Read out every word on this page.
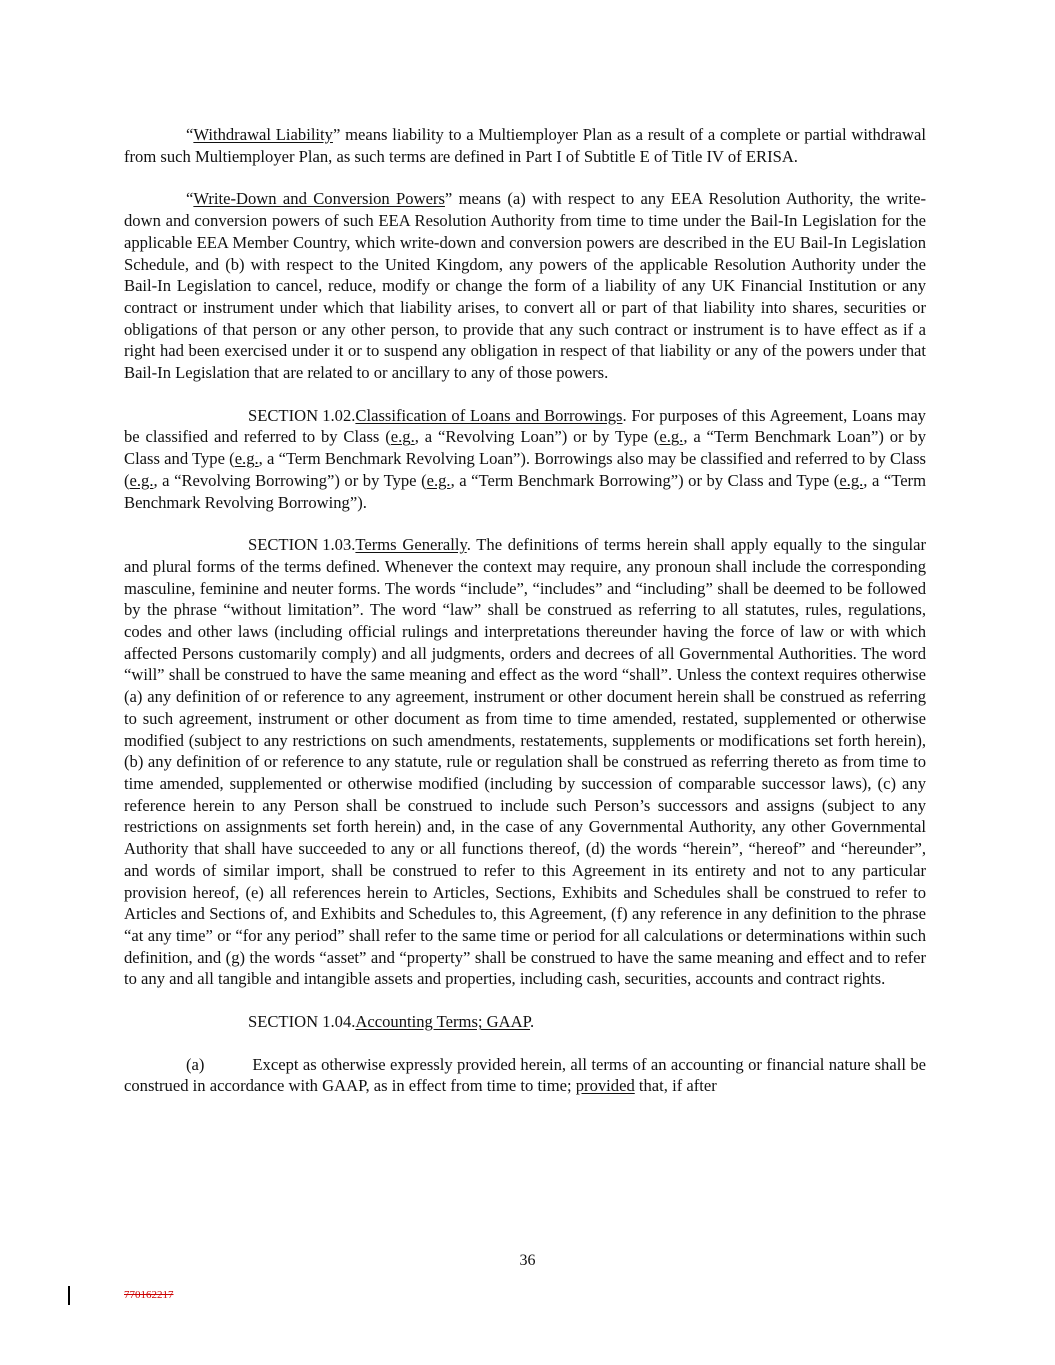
“Withdrawal Liability” means liability to a Multiemployer Plan as a result of a complete or partial withdrawal from such Multiemployer Plan, as such terms are defined in Part I of Subtitle E of Title IV of ERISA.

“Write-Down and Conversion Powers” means (a) with respect to any EEA Resolution Authority, the write-down and conversion powers of such EEA Resolution Authority from time to time under the Bail-In Legislation for the applicable EEA Member Country, which write-down and conversion powers are described in the EU Bail-In Legislation Schedule, and (b) with respect to the United Kingdom, any powers of the applicable Resolution Authority under the Bail-In Legislation to cancel, reduce, modify or change the form of a liability of any UK Financial Institution or any contract or instrument under which that liability arises, to convert all or part of that liability into shares, securities or obligations of that person or any other person, to provide that any such contract or instrument is to have effect as if a right had been exercised under it or to suspend any obligation in respect of that liability or any of the powers under that Bail-In Legislation that are related to or ancillary to any of those powers.

SECTION 1.02.Classification of Loans and Borrowings. For purposes of this Agreement, Loans may be classified and referred to by Class (e.g., a “Revolving Loan”) or by Type (e.g., a “Term Benchmark Loan”) or by Class and Type (e.g., a “Term Benchmark Revolving Loan”). Borrowings also may be classified and referred to by Class (e.g., a “Revolving Borrowing”) or by Type (e.g., a “Term Benchmark Borrowing”) or by Class and Type (e.g., a “Term Benchmark Revolving Borrowing”).

SECTION 1.03.Terms Generally. The definitions of terms herein shall apply equally to the singular and plural forms of the terms defined. Whenever the context may require, any pronoun shall include the corresponding masculine, feminine and neuter forms. The words “include”, “includes” and “including” shall be deemed to be followed by the phrase “without limitation”. The word “law” shall be construed as referring to all statutes, rules, regulations, codes and other laws (including official rulings and interpretations thereunder having the force of law or with which affected Persons customarily comply) and all judgments, orders and decrees of all Governmental Authorities. The word “will” shall be construed to have the same meaning and effect as the word “shall”. Unless the context requires otherwise (a) any definition of or reference to any agreement, instrument or other document herein shall be construed as referring to such agreement, instrument or other document as from time to time amended, restated, supplemented or otherwise modified (subject to any restrictions on such amendments, restatements, supplements or modifications set forth herein), (b) any definition of or reference to any statute, rule or regulation shall be construed as referring thereto as from time to time amended, supplemented or otherwise modified (including by succession of comparable successor laws), (c) any reference herein to any Person shall be construed to include such Person’s successors and assigns (subject to any restrictions on assignments set forth herein) and, in the case of any Governmental Authority, any other Governmental Authority that shall have succeeded to any or all functions thereof, (d) the words “herein”, “hereof” and “hereunder”, and words of similar import, shall be construed to refer to this Agreement in its entirety and not to any particular provision hereof, (e) all references herein to Articles, Sections, Exhibits and Schedules shall be construed to refer to Articles and Sections of, and Exhibits and Schedules to, this Agreement, (f) any reference in any definition to the phrase “at any time” or “for any period” shall refer to the same time or period for all calculations or determinations within such definition, and (g) the words “asset” and “property” shall be construed to have the same meaning and effect and to refer to any and all tangible and intangible assets and properties, including cash, securities, accounts and contract rights.

SECTION 1.04.Accounting Terms; GAAP.

(a)	Except as otherwise expressly provided herein, all terms of an accounting or financial nature shall be construed in accordance with GAAP, as in effect from time to time; provided that, if after

36
770162217
